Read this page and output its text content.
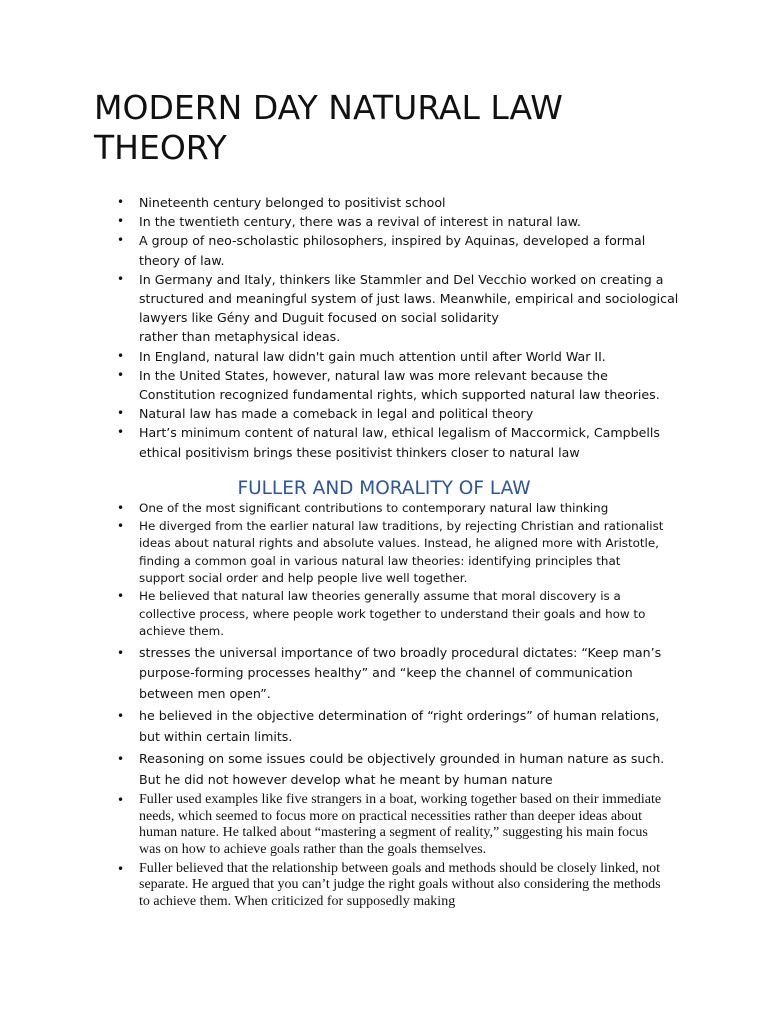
MODERN DAY NATURAL LAW THEORY
• Nineteenth century belonged to positivist school
• In the twentieth century, there was a revival of interest in natural law.
• A group of neo-scholastic philosophers, inspired by Aquinas, developed a formal theory of law.
• In Germany and Italy, thinkers like Stammler and Del Vecchio worked on creating a structured and meaningful system of just laws. Meanwhile, empirical and sociological lawyers like Gény and Duguit focused on social solidarity
rather than metaphysical ideas.
• In England, natural law didn't gain much attention until after World War II.
• In the United States, however, natural law was more relevant because the Constitution recognized fundamental rights, which supported natural law theories.
• Natural law has made a comeback in legal and political theory
• Hart’s minimum content of natural law, ethical legalism of Maccormick, Campbells ethical positivism brings these positivist thinkers closer to natural law
FULLER AND MORALITY OF LAW
• One of the most significant contributions to contemporary natural law thinking
• He diverged from the earlier natural law traditions, by rejecting Christian and rationalist ideas about natural rights and absolute values. Instead, he aligned more with Aristotle, finding a common goal in various natural law theories: identifying principles that support social order and help people live well together.
• He believed that natural law theories generally assume that moral discovery is a collective process, where people work together to understand their goals and how to achieve them.
• stresses the universal importance of two broadly procedural dictates: “Keep man’s purpose-forming processes healthy” and “keep the channel of communication between men open”.
• he believed in the objective determination of “right orderings” of human relations, but within certain limits.
• Reasoning on some issues could be objectively grounded in human nature as such. But he did not however develop what he meant by human nature
• Fuller used examples like five strangers in a boat, working together based on their immediate needs, which seemed to focus more on practical necessities rather than deeper ideas about human nature. He talked about “mastering a segment of reality,” suggesting his main focus was on how to achieve goals rather than the goals themselves.
• Fuller believed that the relationship between goals and methods should be closely linked, not separate. He argued that you can’t judge the right goals without also considering the methods to achieve them. When criticized for supposedly making
